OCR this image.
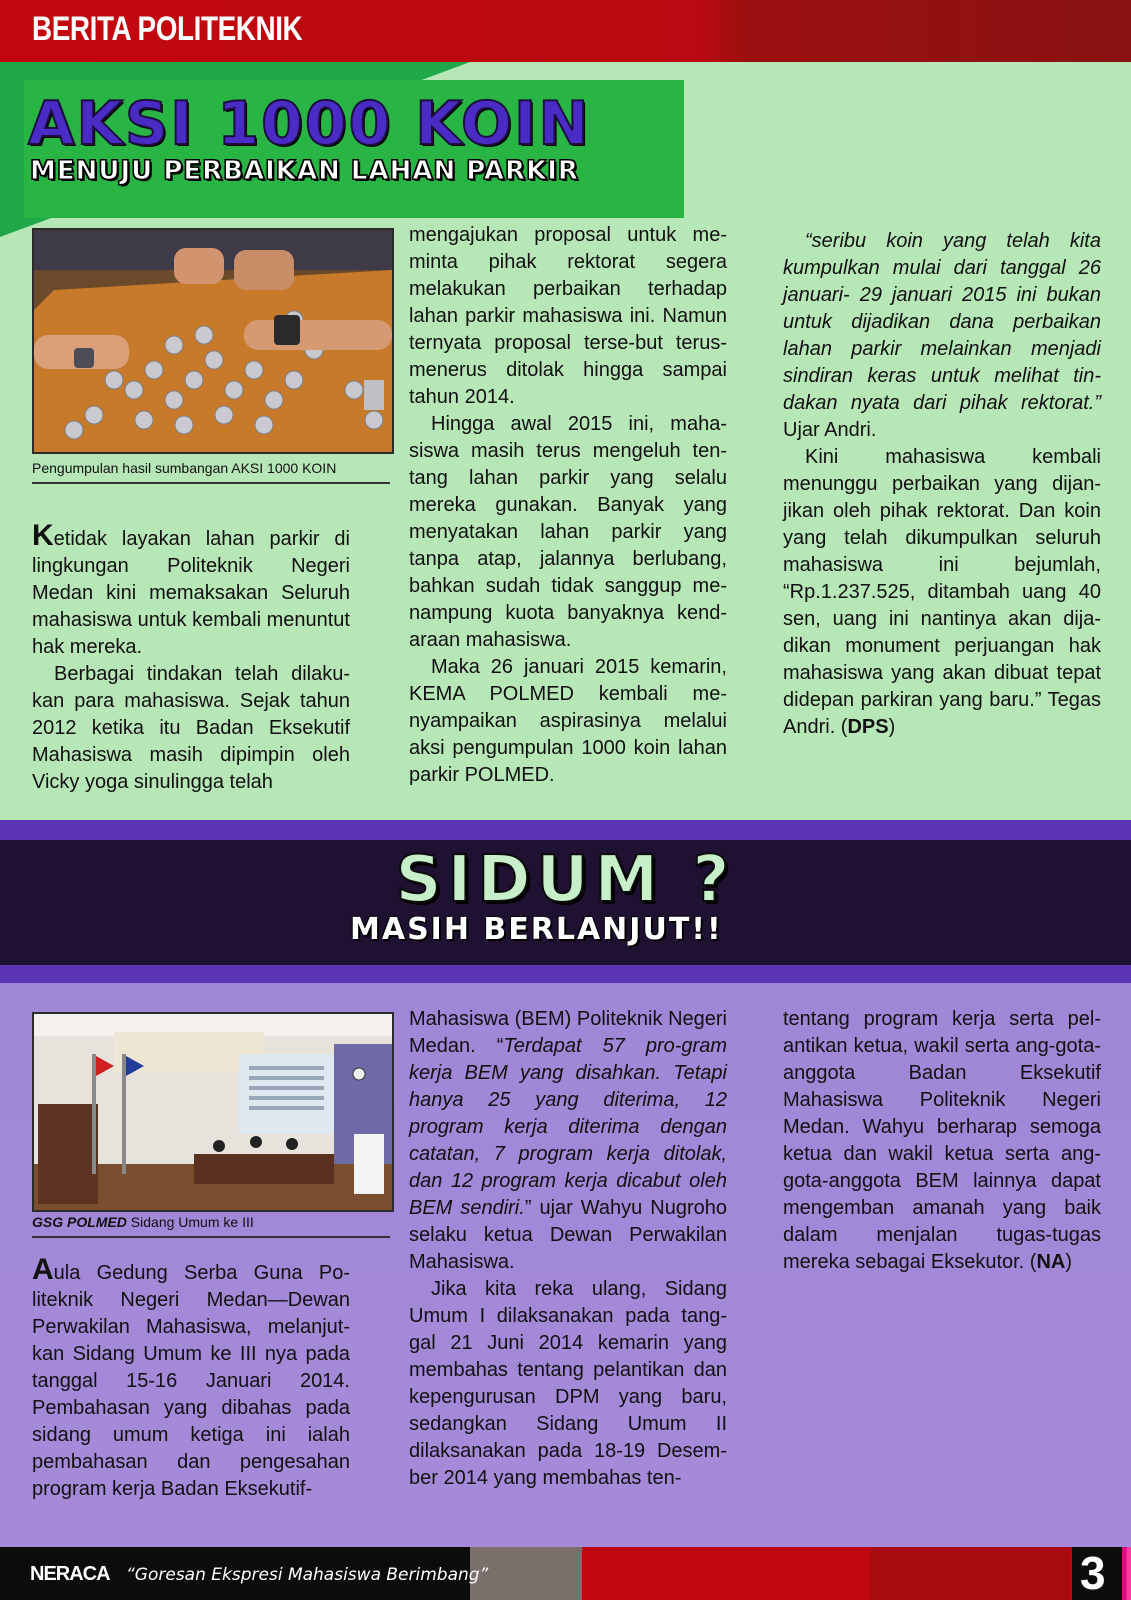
BERITA POLITEKNIK
AKSI 1000 KOIN
MENUJU PERBAIKAN LAHAN PARKIR
Pengumpulan hasil sumbangan AKSI 1000 KOIN

Ketidak layakan lahan parkir di lingkungan Politeknik Negeri Medan kini memaksakan Seluruh mahasiswa untuk kembali menuntut hak mereka.

Berbagai tindakan telah dilaku-kan para mahasiswa. Sejak tahun 2012 ketika itu Badan Eksekutif Mahasiswa masih dipimpin oleh Vicky yoga sinulingga telah

mengajukan proposal untuk me-minta pihak rektorat segera melakukan perbaikan terhadap lahan parkir mahasiswa ini. Namun ternyata proposal terse-but terus-menerus ditolak hingga sampai tahun 2014.

Hingga awal 2015 ini, maha-siswa masih terus mengeluh ten-tang lahan parkir yang selalu mereka gunakan. Banyak yang menyatakan lahan parkir yang tanpa atap, jalannya berlubang, bahkan sudah tidak sanggup me-nampung kuota banyaknya kend-araan mahasiswa.

Maka 26 januari 2015 kemarin, KEMA POLMED kembali me-nyampaikan aspirasinya melalui aksi pengumpulan 1000 koin lahan parkir POLMED.

“seribu koin yang telah kita kumpulkan mulai dari tanggal 26 januari- 29 januari 2015 ini bukan untuk dijadikan dana perbaikan lahan parkir melainkan menjadi sindiran keras untuk melihat tin-dakan nyata dari pihak rektorat.” Ujar Andri.

Kini mahasiswa kembali menunggu perbaikan yang dijan-jikan oleh pihak rektorat. Dan koin yang telah dikumpulkan seluruh mahasiswa ini bejumlah, “Rp.1.237.525, ditambah uang 40 sen, uang ini nantinya akan dija-dikan monument perjuangan hak mahasiswa yang akan dibuat tepat didepan parkiran yang baru.” Tegas Andri. (DPS)

SIDUM ?
MASIH BERLANJUT!!
GSG POLMED Sidang Umum ke III

Aula Gedung Serba Guna Po-liteknik Negeri Medan—Dewan Perwakilan Mahasiswa, melanjut-kan Sidang Umum ke III nya pada tanggal 15-16 Januari 2014. Pembahasan yang dibahas pada sidang umum ketiga ini ialah pembahasan dan pengesahan program kerja Badan Eksekutif-

Mahasiswa (BEM) Politeknik Negeri Medan. “Terdapat 57 pro-gram kerja BEM yang disahkan. Tetapi hanya 25 yang diterima, 12 program kerja diterima dengan catatan, 7 program kerja ditolak, dan 12 program kerja dicabut oleh BEM sendiri.” ujar Wahyu Nugroho selaku ketua Dewan Perwakilan Mahasiswa.

Jika kita reka ulang, Sidang Umum I dilaksanakan pada tang-gal 21 Juni 2014 kemarin yang membahas tentang pelantikan dan kepengurusan DPM yang baru, sedangkan Sidang Umum II dilaksanakan pada 18-19 Desem-ber 2014 yang membahas ten-

tentang program kerja serta pel-antikan ketua, wakil serta ang-gota-anggota Badan Eksekutif Mahasiswa Politeknik Negeri Medan. Wahyu berharap semoga ketua dan wakil ketua serta ang-gota-anggota BEM lainnya dapat mengemban amanah yang baik dalam menjalan tugas-tugas mereka sebagai Eksekutor. (NA)

NERACA “Goresan Ekspresi Mahasiswa Berimbang”	3
